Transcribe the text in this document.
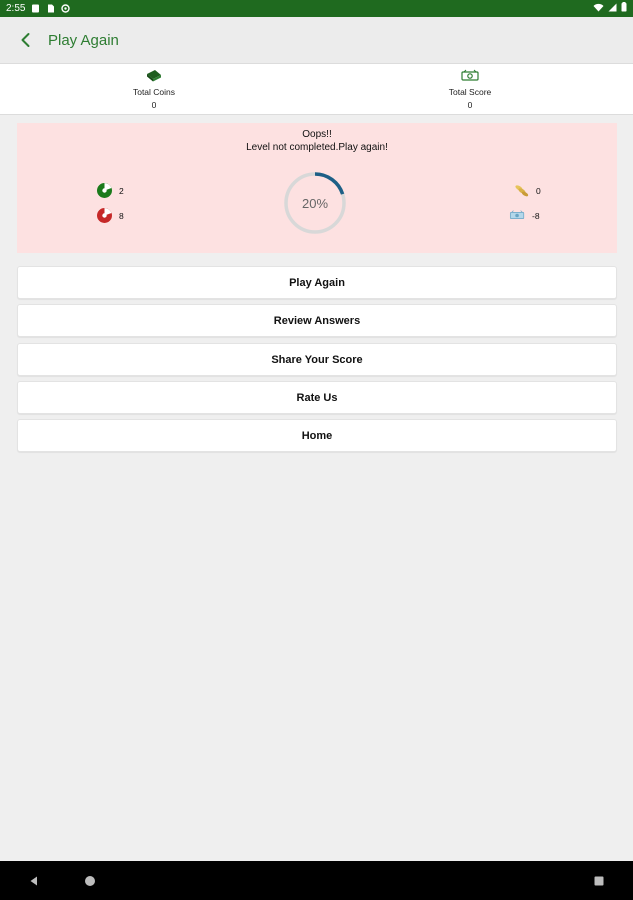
2:55
Play Again
Total Coins
0
Total Score
0
Oops!!
Level not completed.Play again!
2
8
20%
0
-8
Play Again
Review Answers
Share Your Score
Rate Us
Home
